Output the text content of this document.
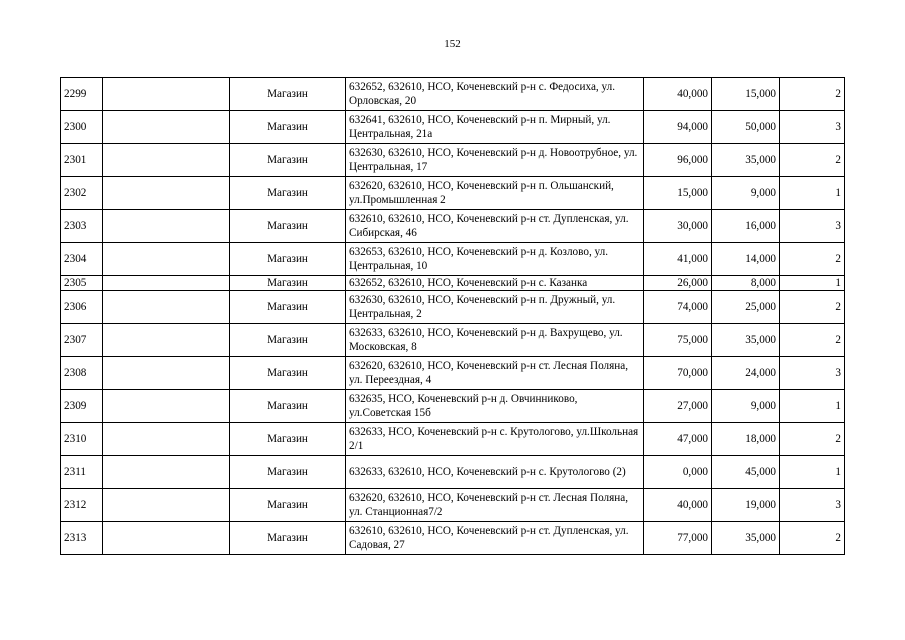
152
2299		Магазин	632652, 632610, НСО, Коченевский р-н с. Федосиха, ул. Орловская, 20	40,000	15,000	2
2300		Магазин	632641, 632610, НСО, Коченевский р-н п. Мирный, ул. Центральная, 21а	94,000	50,000	3
2301		Магазин	632630, 632610, НСО, Коченевский р-н д. Новоотрубное, ул. Центральная, 17	96,000	35,000	2
2302		Магазин	632620, 632610, НСО, Коченевский р-н п. Ольшанский, ул.Промышленная 2	15,000	9,000	1
2303		Магазин	632610, 632610, НСО, Коченевский р-н ст. Дупленская, ул. Сибирская, 46	30,000	16,000	3
2304		Магазин	632653, 632610, НСО, Коченевский р-н д. Козлово, ул. Центральная, 10	41,000	14,000	2
2305		Магазин	632652, 632610, НСО, Коченевский р-н с. Казанка	26,000	8,000	1
2306		Магазин	632630, 632610, НСО, Коченевский р-н п. Дружный, ул. Центральная, 2	74,000	25,000	2
2307		Магазин	632633, 632610, НСО, Коченевский р-н д. Вахрущево, ул. Московская, 8	75,000	35,000	2
2308		Магазин	632620, 632610, НСО, Коченевский р-н ст. Лесная Поляна, ул. Переездная, 4	70,000	24,000	3
2309		Магазин	632635, НСО, Коченевский р-н д. Овчинниково, ул.Советская 15б	27,000	9,000	1
2310		Магазин	632633, НСО, Коченевский р-н с. Крутологово, ул.Школьная 2/1	47,000	18,000	2
2311		Магазин	632633, 632610, НСО, Коченевский р-н с. Крутологово (2)	0,000	45,000	1
2312		Магазин	632620, 632610, НСО, Коченевский р-н ст. Лесная Поляна, ул. Станционная7/2	40,000	19,000	3
2313		Магазин	632610, 632610, НСО, Коченевский р-н ст. Дупленская, ул. Садовая, 27	77,000	35,000	2
